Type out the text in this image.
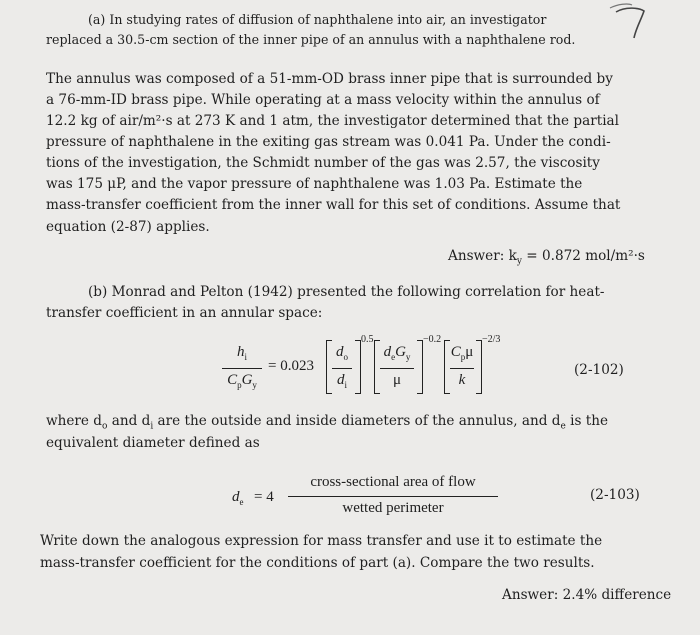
(a) In studying rates of diffusion of naphthalene into air, an investigator
replaced a 30.5-cm section of the inner pipe of an annulus with a naphthalene rod.
The annulus was composed of a 51-mm-OD brass inner pipe that is surrounded by
a 76-mm-ID brass pipe. While operating at a mass velocity within the annulus of
12.2 kg of air/m²·s at 273 K and 1 atm, the investigator determined that the partial
pressure of naphthalene in the exiting gas stream was 0.041 Pa. Under the condi-
tions of the investigation, the Schmidt number of the gas was 2.57, the viscosity
was 175 μP, and the vapor pressure of naphthalene was 1.03 Pa. Estimate the
mass-transfer coefficient from the inner wall for this set of conditions. Assume that
equation (2-87) applies.
Answer: $k_y = 0.872$ mol/m²·s
(b) Monrad and Pelton (1942) presented the following correlation for heat-
transfer coefficient in an annular space:
$h_i$
$C_pG_y$
= 0.023
$d_o$
$d_i$
0.5
$d_eG_y$
μ
−0.2
$C_p\mu$
k
−2/3
(2-102)
where $d_o$ and $d_i$ are the outside and inside diameters of the annulus, and $d_e$ is the
equivalent diameter defined as
$d_e = 4$
cross-sectional area of flow
wetted perimeter
(2-103)
Write down the analogous expression for mass transfer and use it to estimate the
mass-transfer coefficient for the conditions of part (a). Compare the two results.
Answer: 2.4% difference
